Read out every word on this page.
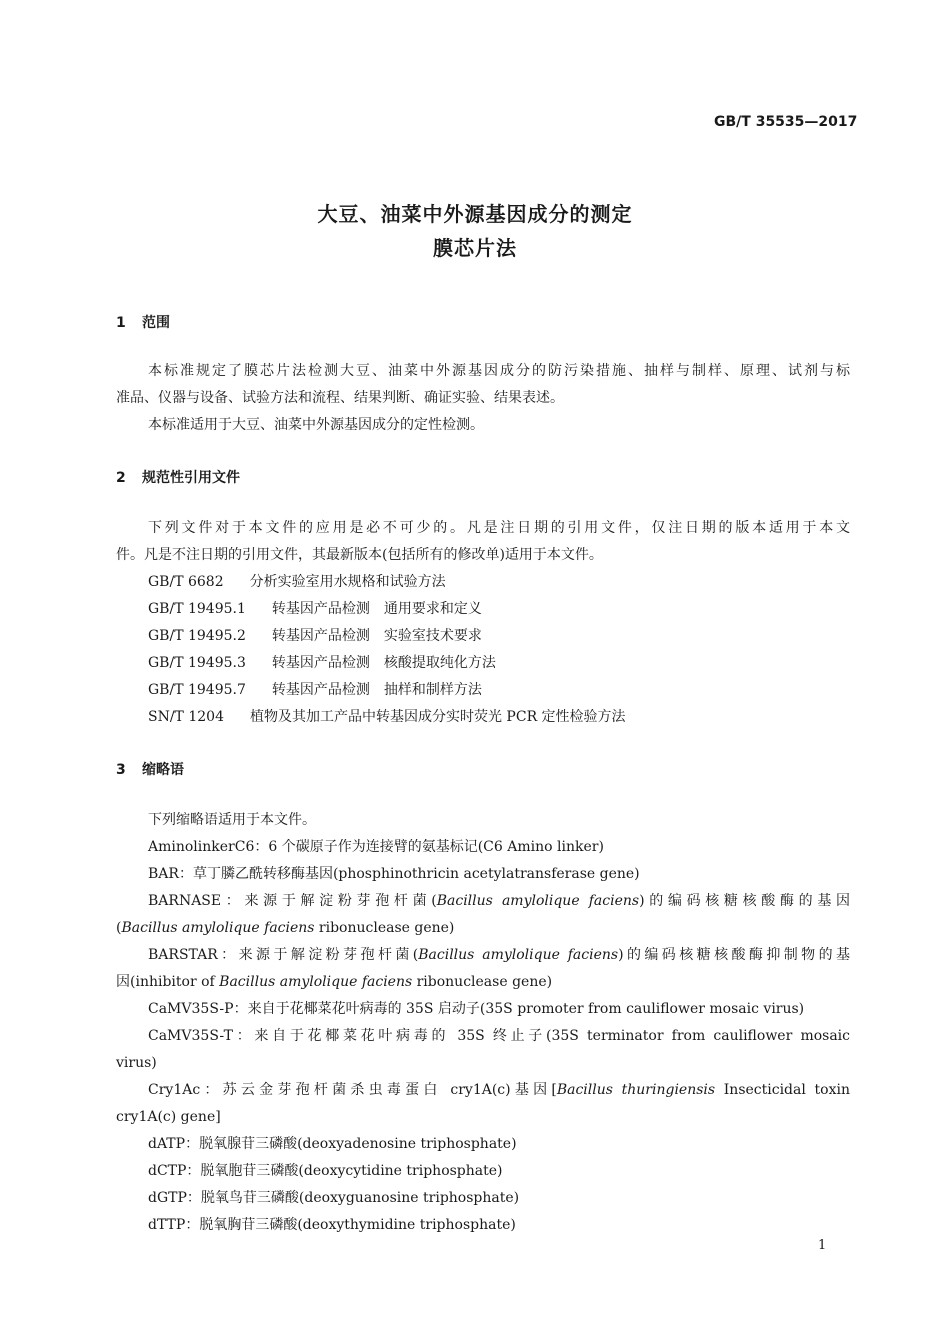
GB/T 35535—2017
大豆、油菜中外源基因成分的测定
膜芯片法
1 范围
本标准规定了膜芯片法检测大豆、油菜中外源基因成分的防污染措施、抽样与制样、原理、试剂与标
准品、仪器与设备、试验方法和流程、结果判断、确证实验、结果表述。
本标准适用于大豆、油菜中外源基因成分的定性检测。
2 规范性引用文件
下列文件对于本文件的应用是必不可少的。凡是注日期的引用文件，仅注日期的版本适用于本文
件。凡是不注日期的引用文件，其最新版本(包括所有的修改单)适用于本文件。
GB/T 6682 分析实验室用水规格和试验方法
GB/T 19495.1 转基因产品检测　通用要求和定义
GB/T 19495.2 转基因产品检测　实验室技术要求
GB/T 19495.3 转基因产品检测　核酸提取纯化方法
GB/T 19495.7 转基因产品检测　抽样和制样方法
SN/T 1204 植物及其加工产品中转基因成分实时荧光 PCR 定性检验方法
3 缩略语
下列缩略语适用于本文件。
AminolinkerC6：6 个碳原子作为连接臂的氨基标记(C6 Amino linker)
BAR：草丁膦乙酰转移酶基因(phosphinothricin acetylatransferase gene)
BARNASE：来源于解淀粉芽孢杆菌(Bacillus amylolique faciens)的编码核糖核酸酶的基因
(Bacillus amylolique faciens ribonuclease gene)
BARSTAR：来源于解淀粉芽孢杆菌(Bacillus amylolique faciens)的编码核糖核酸酶抑制物的基
因(inhibitor of Bacillus amylolique faciens ribonuclease gene)
CaMV35S-P：来自于花椰菜花叶病毒的 35S 启动子(35S promoter from cauliflower mosaic virus)
CaMV35S-T：来自于花椰菜花叶病毒的 35S 终止子(35S terminator from cauliflower mosaic
virus)
Cry1Ac：苏云金芽孢杆菌杀虫毒蛋白 cry1A(c)基因[Bacillus thuringiensis Insecticidal toxin
cry1A(c) gene]
dATP：脱氧腺苷三磷酸(deoxyadenosine triphosphate)
dCTP：脱氧胞苷三磷酸(deoxycytidine triphosphate)
dGTP：脱氧鸟苷三磷酸(deoxyguanosine triphosphate)
dTTP：脱氧胸苷三磷酸(deoxythymidine triphosphate)
1
